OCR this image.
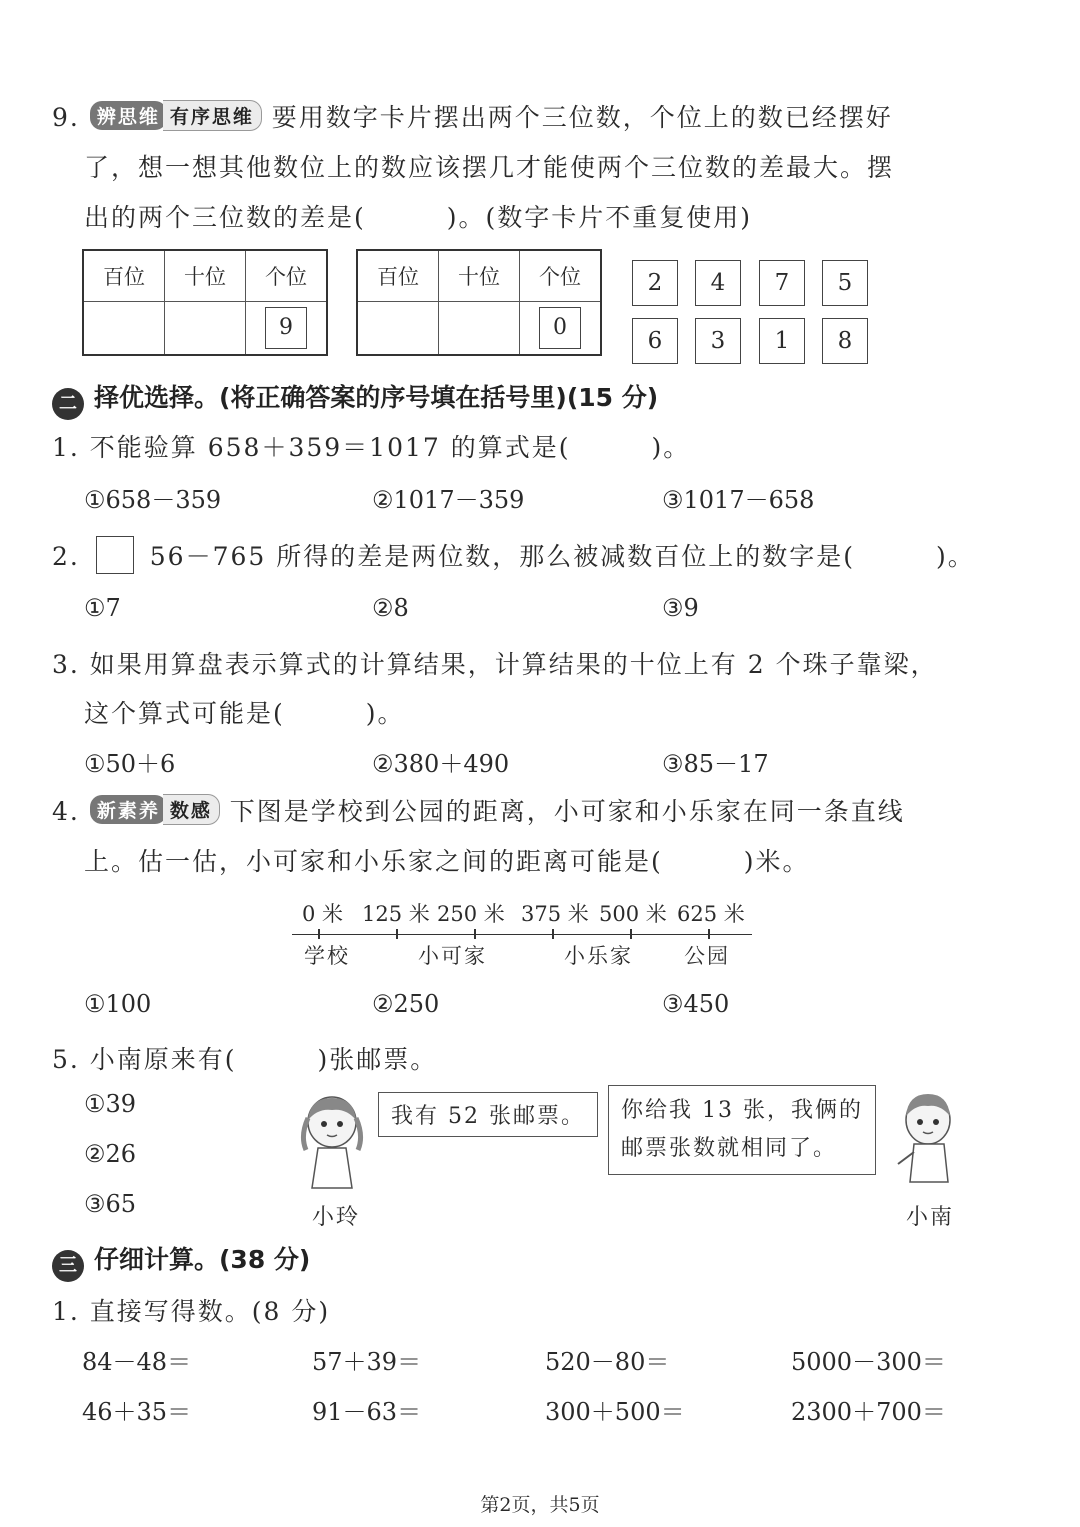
9. 辨思维 有序思维 要用数字卡片摆出两个三位数，个位上的数已经摆好
了，想一想其他数位上的数应该摆几才能使两个三位数的差最大。摆
出的两个三位数的差是(　　　)。(数字卡片不重复使用)
百位	十位	个位
		9
百位	十位	个位
		0
2	4	7	5
6	3	1	8
二 择优选择。(将正确答案的序号填在括号里)(15 分)
1. 不能验算 658＋359＝1017 的算式是(　　　)。
①658－359	②1017－359	③1017－658
2.	56－765 所得的差是两位数，那么被减数百位上的数字是(　　　)。
①7	②8	③9
3. 如果用算盘表示算式的计算结果，计算结果的十位上有 2 个珠子靠梁，
这个算式可能是(　　　)。
①50＋6	②380＋490	③85－17
4. 新素养 数感 下图是学校到公园的距离，小可家和小乐家在同一条直线
上。估一估，小可家和小乐家之间的距离可能是(　　　)米。
0 米 125 米 250 米 375 米 500 米 625 米
学校	小可家	小乐家 公园
①100	②250	③450
5. 小南原来有(　　　)张邮票。
①39
②26
③65
我有 52 张邮票。
小玲
你给我 13 张，我俩的
邮票张数就相同了。
小南
三 仔细计算。(38 分)
1. 直接写得数。(8 分)
84－48＝	57＋39＝	520－80＝	5000－300＝
46＋35＝	91－63＝	300＋500＝	2300＋700＝
第2页，共5页
